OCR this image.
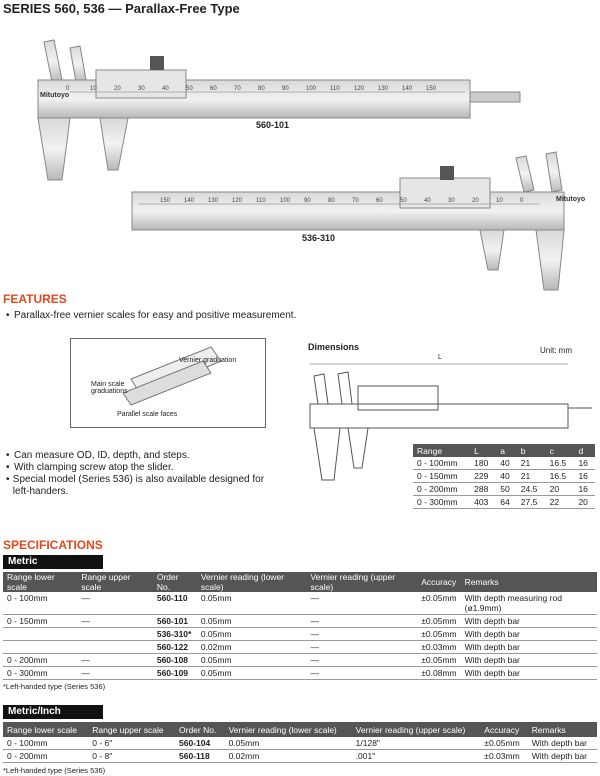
SERIES 560, 536 — Parallax-Free Type
0	10	20	30	40	50	60	70	80	90	100 110 120 130 140 150
Mitutoyo
560-101
150 140 130 120 110 100 90	80	70	60	50	40	30	20	10	0	Mitutoyo
536-310
FEATURES
• Parallax-free vernier scales for easy and positive measurement.
Vernier graduation
Main scale graduations
Parallel scale faces
• Can measure OD, ID, depth, and steps.
• With clamping screw atop the slider.
• Special model (Series 536) is also available designed for left-handers.
Dimensions	Unit: mm
L
Range	L	a	b	c	d
0 - 100mm	180	40	21	16.5	16
0 - 150mm	229	40	21	16.5	16
0 - 200mm	288	50	24.5	20	16
0 - 300mm	403	64	27.5	22	20
SPECIFICATIONS
Metric
Range lower scale	Range upper scale	Order No.	Vernier reading (lower scale)	Vernier reading (upper scale)	Accuracy	Remarks
0 - 100mm	—	560-110	0.05mm	—	±0.05mm	With depth measuring rod (ø1.9mm)
0 - 150mm	—	560-101	0.05mm	—	±0.05mm	With depth bar
		536-310*	0.05mm	—	±0.05mm	With depth bar
		560-122	0.02mm	—	±0.03mm	With depth bar
0 - 200mm	—	560-108	0.05mm	—	±0.05mm	With depth bar
0 - 300mm	—	560-109	0.05mm	—	±0.08mm	With depth bar
*Left-handed type (Series 536)
Metric/Inch
Range lower scale	Range upper scale	Order No.	Vernier reading (lower scale)	Vernier reading (upper scale)	Accuracy	Remarks
0 - 100mm	0 - 6"	560-104	0.05mm	1/128"	±0.05mm	With depth bar
0 - 200mm	0 - 8"	560-118	0.02mm	.001"	±0.03mm	With depth bar
*Left-handed type (Series 536)
